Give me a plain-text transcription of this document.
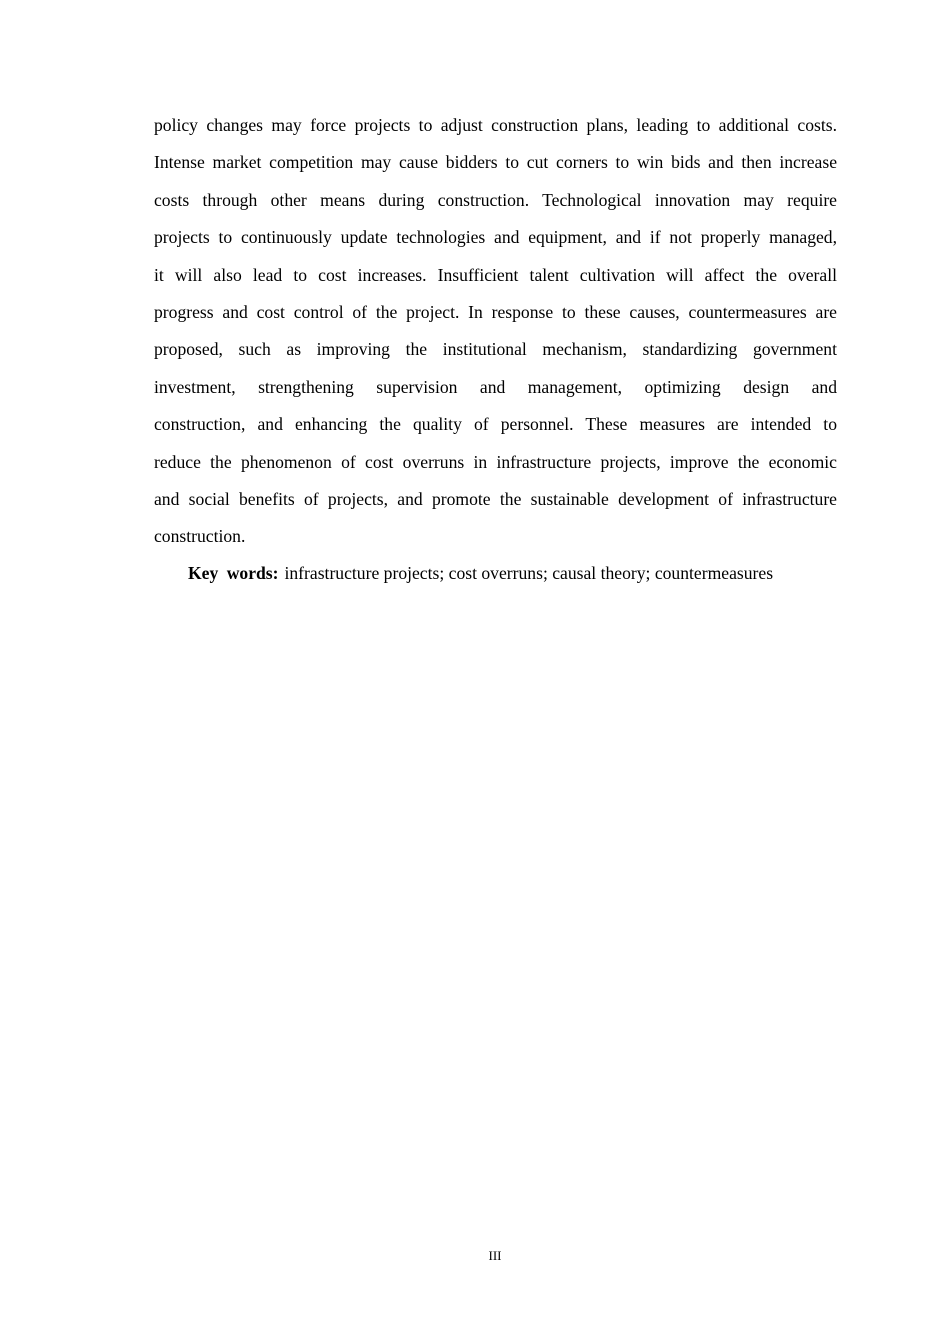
policy changes may force projects to adjust construction plans, leading to additional costs.
Intense market competition may cause bidders to cut corners to win bids and then increase
costs through other means during construction. Technological innovation may require
projects to continuously update technologies and equipment, and if not properly managed,
it will also lead to cost increases. Insufficient talent cultivation will affect the overall
progress and cost control of the project. In response to these causes, countermeasures are
proposed, such as improving the institutional mechanism, standardizing government
investment, strengthening supervision and management, optimizing design and
construction, and enhancing the quality of personnel. These measures are intended to
reduce the phenomenon of cost overruns in infrastructure projects, improve the economic
and social benefits of projects, and promote the sustainable development of infrastructure
construction.
Key words: infrastructure projects; cost overruns; causal theory; countermeasures
III
